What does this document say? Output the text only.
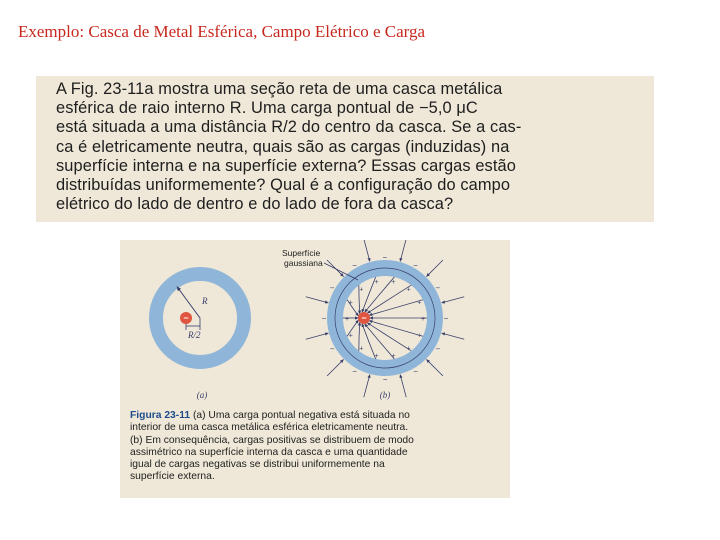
Exemplo: Casca de Metal Esférica, Campo Elétrico e Carga
A Fig. 23-11a mostra uma seção reta de uma casca metálica
esférica de raio interno R. Uma carga pontual de −5,0 μC
está situada a uma distância R/2 do centro da casca. Se a cas-
ca é eletricamente neutra, quais são as cargas (induzidas) na
superfície interna e na superfície externa? Essas cargas estão
distribuídas uniformemente? Qual é a configuração do campo
elétrico do lado de dentro e do lado de fora da casca?
−
R
R/2
(a)
−
−
−
−
−
−
−
−
−
−
−
−
+
+
+
+
+
+
+
+
+
+
+ +
+
+
−
Superfície
gaussiana
(b)
Figura 23-11 (a) Uma carga pontual negativa está situada no
interior de uma casca metálica esférica eletricamente neutra.
(b) Em consequência, cargas positivas se distribuem de modo
assimétrico na superfície interna da casca e uma quantidade
igual de cargas negativas se distribui uniformemente na
superfície externa.
